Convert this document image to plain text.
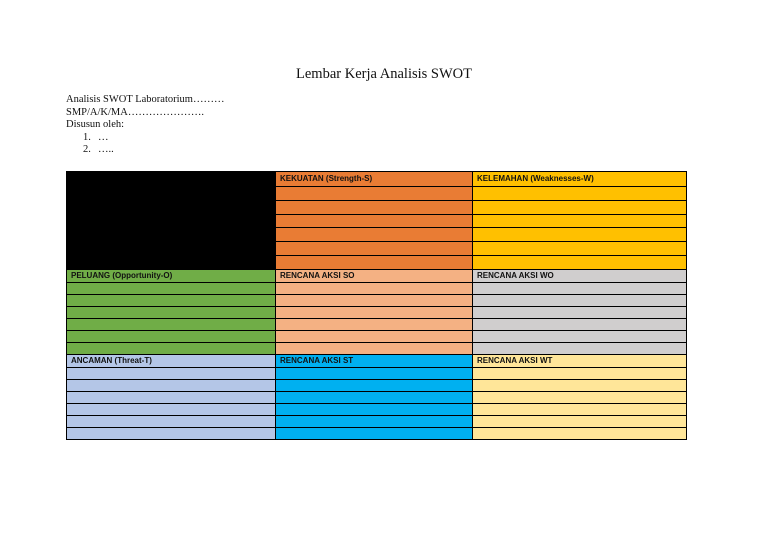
Lembar Kerja Analisis SWOT
Analisis SWOT Laboratorium………
SMP/A/K/MA………………….
Disusun oleh:
1. …
2. …..
	KEKUATAN (Strength-S)	KELEMAHAN (Weaknesses-W)

PELUANG (Opportunity-O)	RENCANA AKSI SO	RENCANA AKSI WO

ANCAMAN (Threat-T)	RENCANA AKSI ST	RENCANA AKSI WT
